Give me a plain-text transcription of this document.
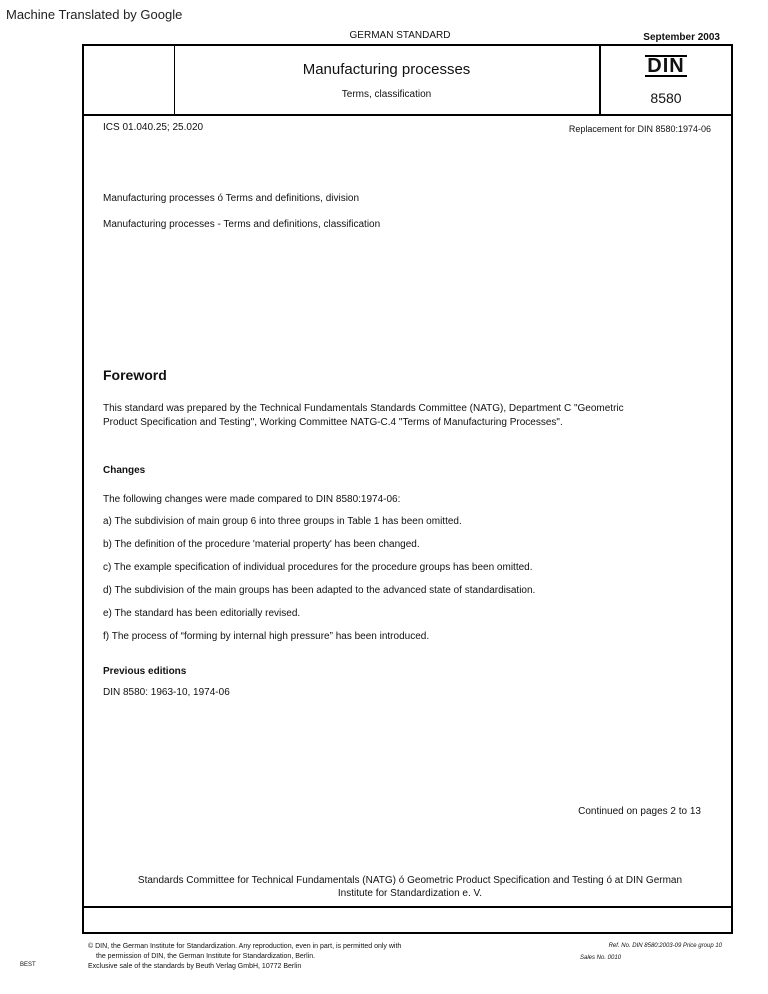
Machine Translated by Google
GERMAN STANDARD	September 2003
Manufacturing processes
Terms, classification
DIN
8580
ICS 01.040.25; 25.020	Replacement for DIN 8580:1974-06
Manufacturing processes ó Terms and definitions, division
Manufacturing processes - Terms and definitions, classification
Foreword
This standard was prepared by the Technical Fundamentals Standards Committee (NATG), Department C "Geometric
Product Specification and Testing", Working Committee NATG-C.4 "Terms of Manufacturing Processes".
Changes
The following changes were made compared to DIN 8580:1974-06:
a) The subdivision of main group 6 into three groups in Table 1 has been omitted.
b) The definition of the procedure 'material property' has been changed.
c) The example specification of individual procedures for the procedure groups has been omitted.
d) The subdivision of the main groups has been adapted to the advanced state of standardisation.
e) The standard has been editorially revised.
f) The process of “forming by internal high pressure” has been introduced.
Previous editions
DIN 8580: 1963-10, 1974-06
Continued on pages 2 to 13
Standards Committee for Technical Fundamentals (NATG) ó Geometric Product Specification and Testing ó at DIN German
Institute for Standardization e. V.
© DIN, the German Institute for Standardization. Any reproduction, even in part, is permitted only with
the permission of DIN, the German Institute for Standardization, Berlin.
Exclusive sale of the standards by Beuth Verlag GmbH, 10772 Berlin
Ref. No. DIN 8580:2003-09 Price group 10
Sales No. 0010
BEST
